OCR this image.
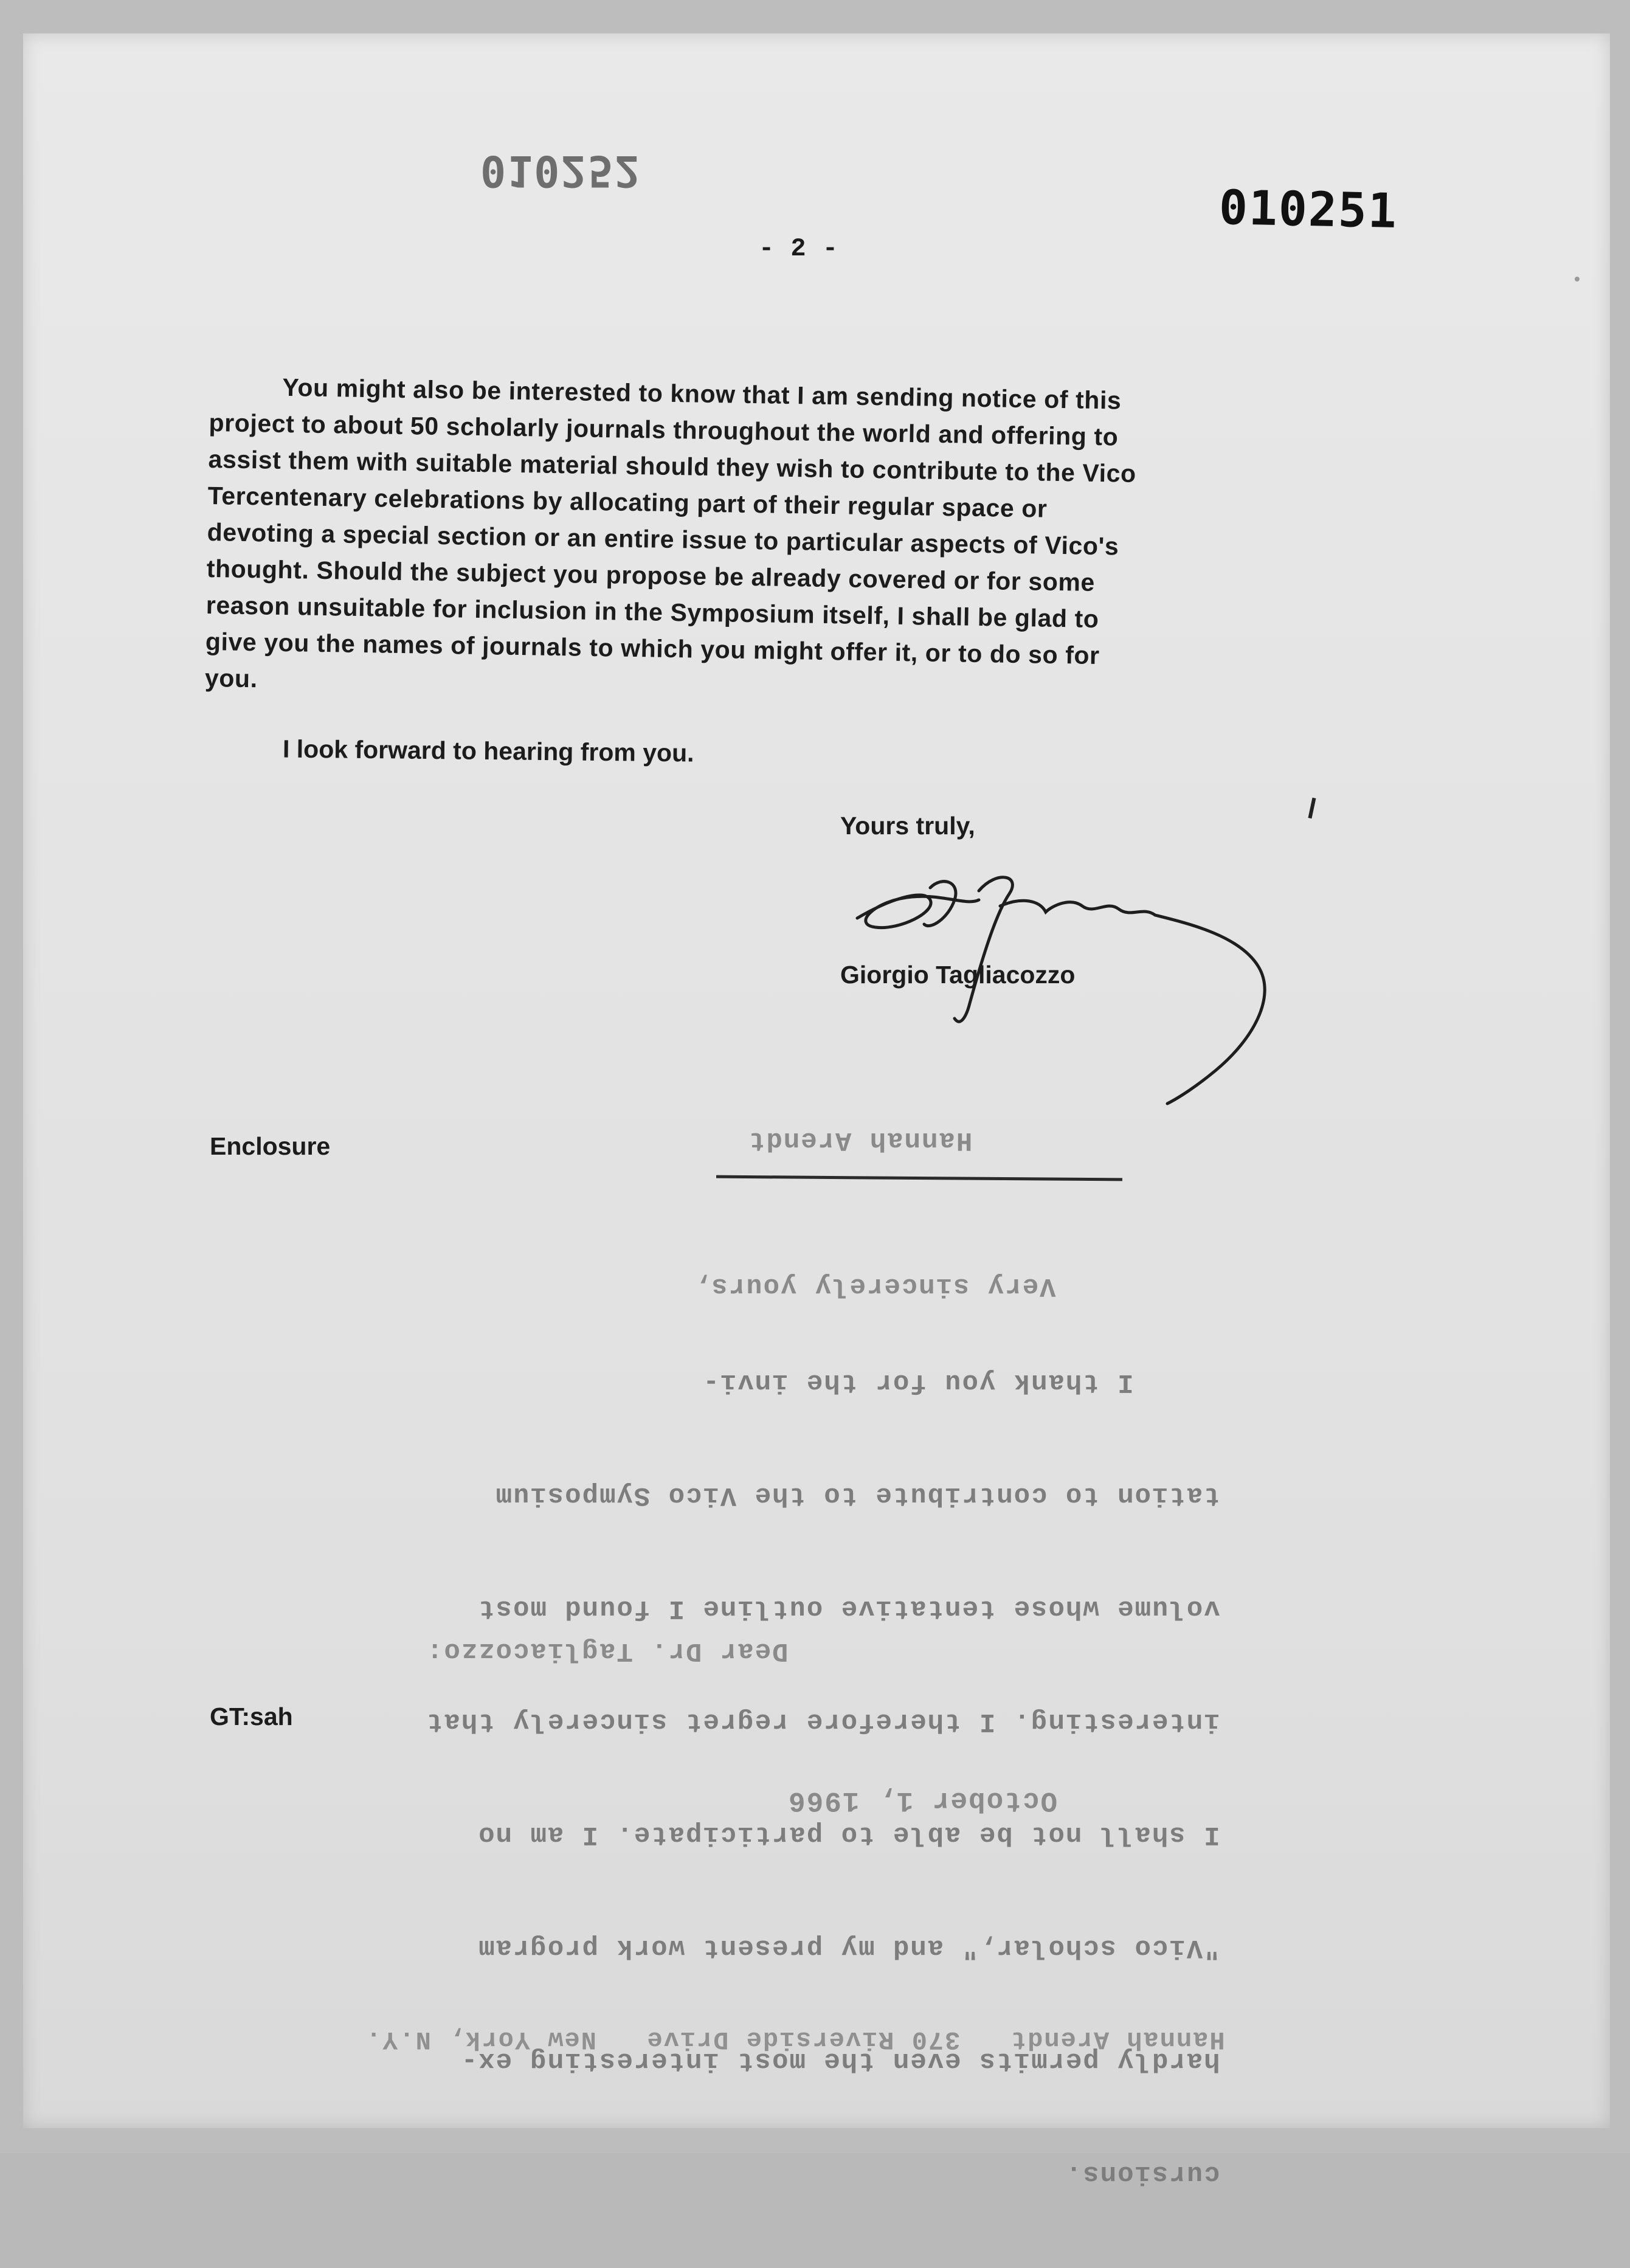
Hannah Arendt
Very sincerely yours,

cursions.

hardly permits even the most interesting ex-

"Vico scholar," and my present work program

I shall not be able to participate. I am no

interesting. I therefore regret sincerely that

volume whose tentative outline I found most

tation to contribute to the Vico Symposium

I thank you for the invi-

Dear Dr. Tagliacozzo:
October 1, 1966
Hannah Arendt   370 Riverside Drive   New York, N.Y.
010252
010251
- 2 -
You might also be interested to know that I am sending notice of this
project to about 50 scholarly journals throughout the world and offering to
assist them with suitable material should they wish to contribute to the Vico
Tercentenary celebrations by allocating part of their regular space or
devoting a special section or an entire issue to particular aspects of Vico's
thought. Should the subject you propose be already covered or for some
reason unsuitable for inclusion in the Symposium itself, I shall be glad to
give you the names of journals to which you might offer it, or to do so for
you.
I look forward to hearing from you.
Yours truly,
Giorgio Tagliacozzo
Enclosure
GT:sah
